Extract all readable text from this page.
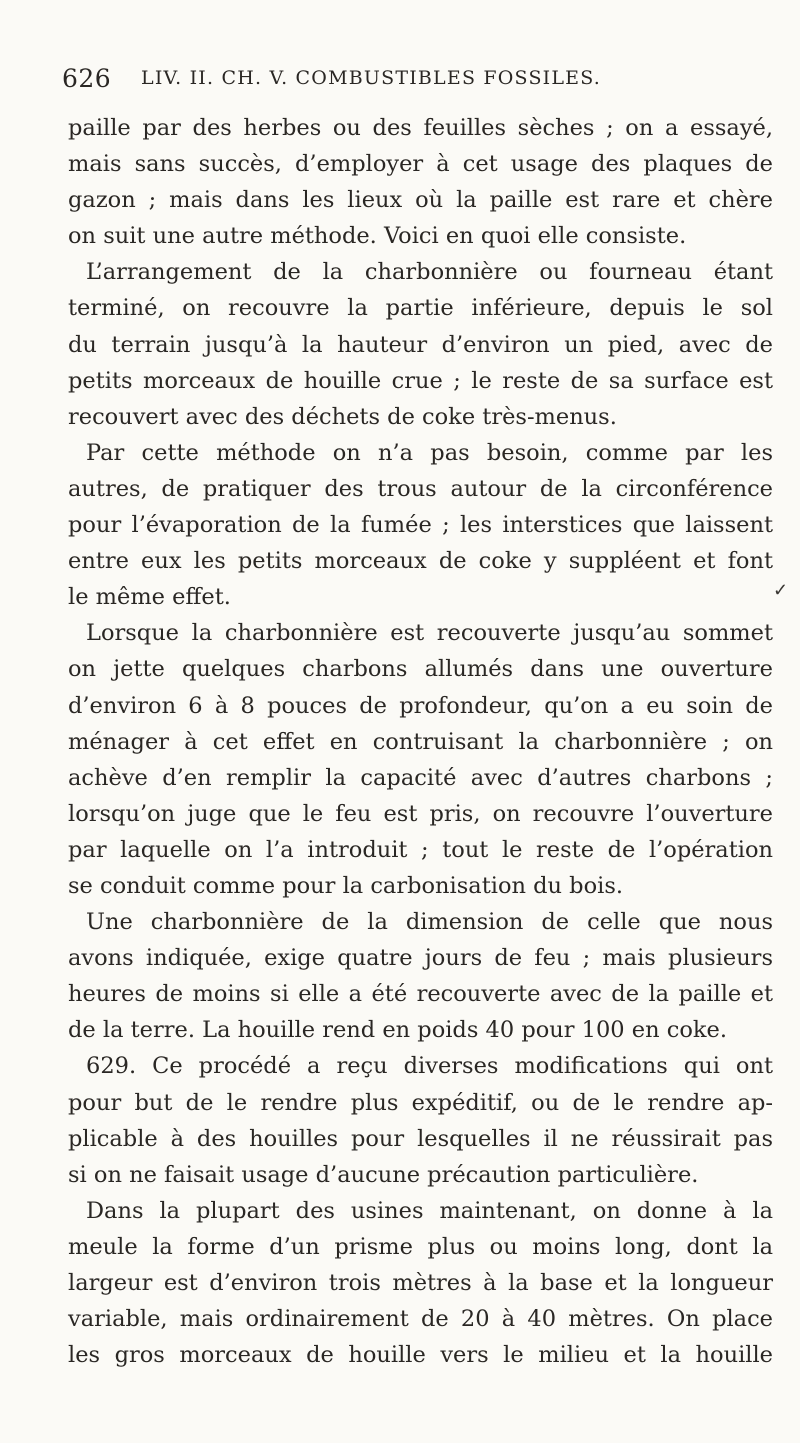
626 LIV. II. CH. V. COMBUSTIBLES FOSSILES.
paille par des herbes ou des feuilles sèches ; on a essayé,
mais sans succès, d’employer à cet usage des plaques de
gazon ; mais dans les lieux où la paille est rare et chère
on suit une autre méthode. Voici en quoi elle consiste.
L’arrangement de la charbonnière ou fourneau étant
terminé, on recouvre la partie inférieure, depuis le sol
du terrain jusqu’à la hauteur d’environ un pied, avec de
petits morceaux de houille crue ; le reste de sa surface est
recouvert avec des déchets de coke très-menus.
Par cette méthode on n’a pas besoin, comme par les
autres, de pratiquer des trous autour de la circonférence
pour l’évaporation de la fumée ; les interstices que laissent
entre eux les petits morceaux de coke y suppléent et font
le même effet.
Lorsque la charbonnière est recouverte jusqu’au sommet
on jette quelques charbons allumés dans une ouverture
d’environ 6 à 8 pouces de profondeur, qu’on a eu soin de
ménager à cet effet en contruisant la charbonnière ; on
achève d’en remplir la capacité avec d’autres charbons ;
lorsqu’on juge que le feu est pris, on recouvre l’ouverture
par laquelle on l’a introduit ; tout le reste de l’opération
se conduit comme pour la carbonisation du bois.
Une charbonnière de la dimension de celle que nous
avons indiquée, exige quatre jours de feu ; mais plusieurs
heures de moins si elle a été recouverte avec de la paille et
de la terre. La houille rend en poids 40 pour 100 en coke.
629. Ce procédé a reçu diverses modifications qui ont
pour but de le rendre plus expéditif, ou de le rendre ap-
plicable à des houilles pour lesquelles il ne réussirait pas
si on ne faisait usage d’aucune précaution particulière.
Dans la plupart des usines maintenant, on donne à la
meule la forme d’un prisme plus ou moins long, dont la
largeur est d’environ trois mètres à la base et la longueur
variable, mais ordinairement de 20 à 40 mètres. On place
les gros morceaux de houille vers le milieu et la houille
✓
